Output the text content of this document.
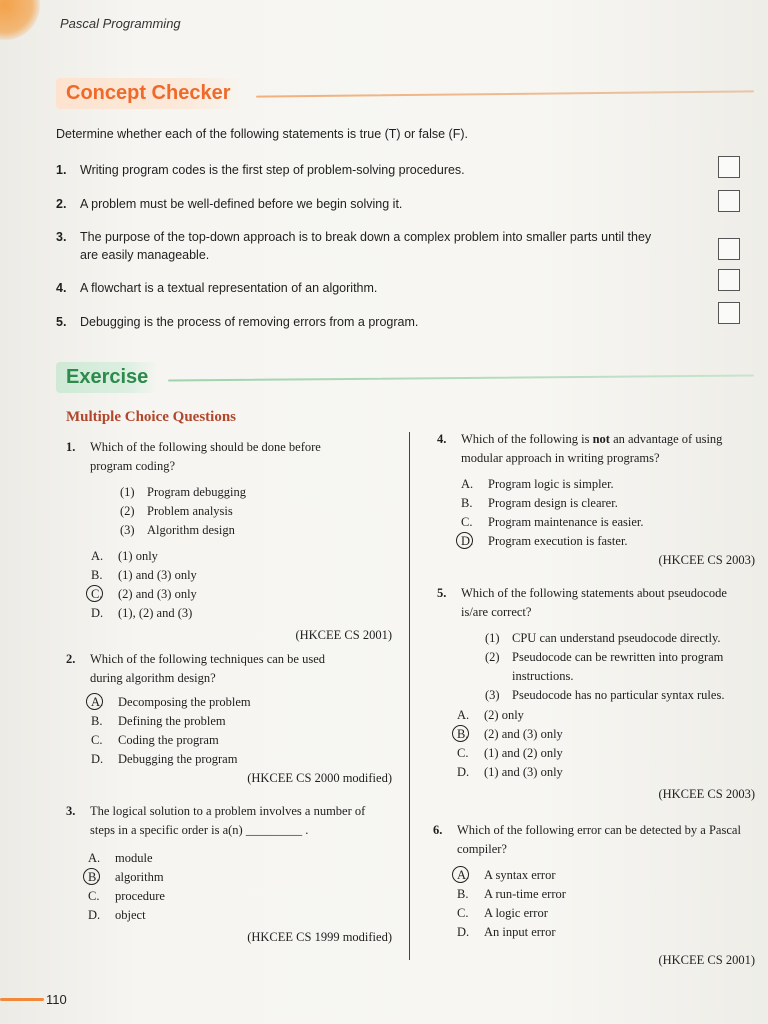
Pascal Programming
Concept Checker
Determine whether each of the following statements is true (T) or false (F).
1.	Writing program codes is the first step of problem-solving procedures.
2.	A problem must be well-defined before we begin solving it.
3.	The purpose of the top-down approach is to break down a complex problem into smaller parts until they are easily manageable.
4.	A flowchart is a textual representation of an algorithm.
5.	Debugging is the process of removing errors from a program.
Exercise
Multiple Choice Questions
1.	Which of the following should be done before program coding?
(1) Program debugging
(2) Problem analysis
(3) Algorithm design
A.	(1) only
B.	(1) and (3) only
C.	(2) and (3) only
D.	(1), (2) and (3)
(HKCEE CS 2001)
2.	Which of the following techniques can be used during algorithm design?
A.	Decomposing the problem
B.	Defining the problem
C.	Coding the program
D.	Debugging the program
(HKCEE CS 2000 modified)
3.	The logical solution to a problem involves a number of steps in a specific order is a(n) _________ .
A.	module
B.	algorithm
C.	procedure
D.	object
(HKCEE CS 1999 modified)
4.	Which of the following is not an advantage of using modular approach in writing programs?
A.	Program logic is simpler.
B.	Program design is clearer.
C.	Program maintenance is easier.
D.	Program execution is faster.
(HKCEE CS 2003)
5.	Which of the following statements about pseudocode is/are correct?
(1) CPU can understand pseudocode directly.
(2) Pseudocode can be rewritten into program instructions.
(3) Pseudocode has no particular syntax rules.
A.	(2) only
B.	(2) and (3) only
C.	(1) and (2) only
D.	(1) and (3) only
(HKCEE CS 2003)
6.	Which of the following error can be detected by a Pascal compiler?
A.	A syntax error
B.	A run-time error
C.	A logic error
D.	An input error
(HKCEE CS 2001)
110
